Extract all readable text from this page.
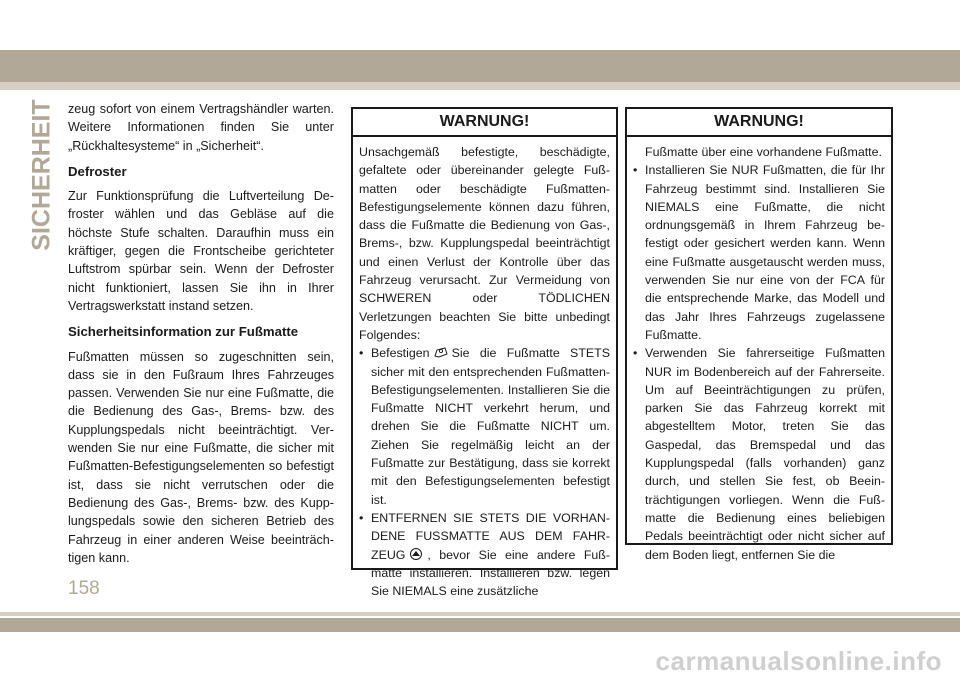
SICHERHEIT zeug sofort von einem Vertragshändler warten. Weitere Informationen finden Sie unter „Rückhaltesysteme“ in „Sicherheit“.

Defroster

Zur Funktionsprüfung die Luftverteilung Defroster wählen und das Gebläse auf die höchste Stufe schalten. Daraufhin muss ein kräftiger, gegen die Frontscheibe gerichteter Luftstrom spürbar sein. Wenn der Defroster nicht funktioniert, lassen Sie ihn in Ihrer Vertragswerkstatt instand setzen.

Sicherheitsinformation zur Fußmatte

Fußmatten müssen so zugeschnitten sein, dass sie in den Fußraum Ihres Fahrzeuges passen. Verwenden Sie nur eine Fußmatte, die die Bedienung des Gas-, Brems- bzw. des Kupplungspedals nicht beeinträchtigt. Verwenden Sie nur eine Fußmatte, die sicher mit Fußmatten-Befestigungselementen so befestigt ist, dass sie nicht verrutschen oder die Bedienung des Gas-, Brems- bzw. des Kupplungspedals sowie den sicheren Betrieb des Fahrzeug in einer anderen Weise beeinträchtigen kann.

WARNUNG!

Unsachgemäß befestigte, beschädigte, gefaltete oder übereinander gelegte Fußmatten oder beschädigte Fußmatten-Befestigungselemente können dazu führen, dass die Fußmatte die Bedienung von Gas-, Brems-, bzw. Kupplungspedal beeinträchtigt und einen Verlust der Kontrolle über das Fahrzeug verursacht. Zur Vermeidung von SCHWEREN oder TÖDLICHEN Verletzungen beachten Sie bitte unbedingt Folgendes:

• Befestigen Sie die Fußmatte STETS sicher mit den entsprechenden Fußmatten-Befestigungselementen. Installieren Sie die Fußmatte NICHT verkehrt herum, und drehen Sie die Fußmatte NICHT um. Ziehen Sie regelmäßig leicht an der Fußmatte zur Bestätigung, dass sie korrekt mit den Befestigungselementen befestigt ist.
• ENTFERNEN SIE STETS DIE VORHANDENE FUSSMATTE AUS DEM FAHRZEUG , bevor Sie eine andere Fußmatte installieren. Installieren bzw. legen Sie NIEMALS eine zusätzliche
WARNUNG!

Fußmatte über eine vorhandene Fußmatte.

• Installieren Sie NUR Fußmatten, die für Ihr Fahrzeug bestimmt sind. Installieren Sie NIEMALS eine Fußmatte, die nicht ordnungsgemäß in Ihrem Fahrzeug befestigt oder gesichert werden kann. Wenn eine Fußmatte ausgetauscht werden muss, verwenden Sie nur eine von der FCA für die entsprechende Marke, das Modell und das Jahr Ihres Fahrzeugs zugelassene Fußmatte.
• Verwenden Sie fahrerseitige Fußmatten NUR im Bodenbereich auf der Fahrerseite. Um auf Beeinträchtigungen zu prüfen, parken Sie das Fahrzeug korrekt mit abgestelltem Motor, treten Sie das Gaspedal, das Bremspedal und das Kupplungspedal (falls vorhanden) ganz durch, und stellen Sie fest, ob Beeinträchtigungen vorliegen. Wenn die Fußmatte die Bedienung eines beliebigen Pedals beeinträchtigt oder nicht sicher auf dem Boden liegt, entfernen Sie die
158
carmanualsonline.info
